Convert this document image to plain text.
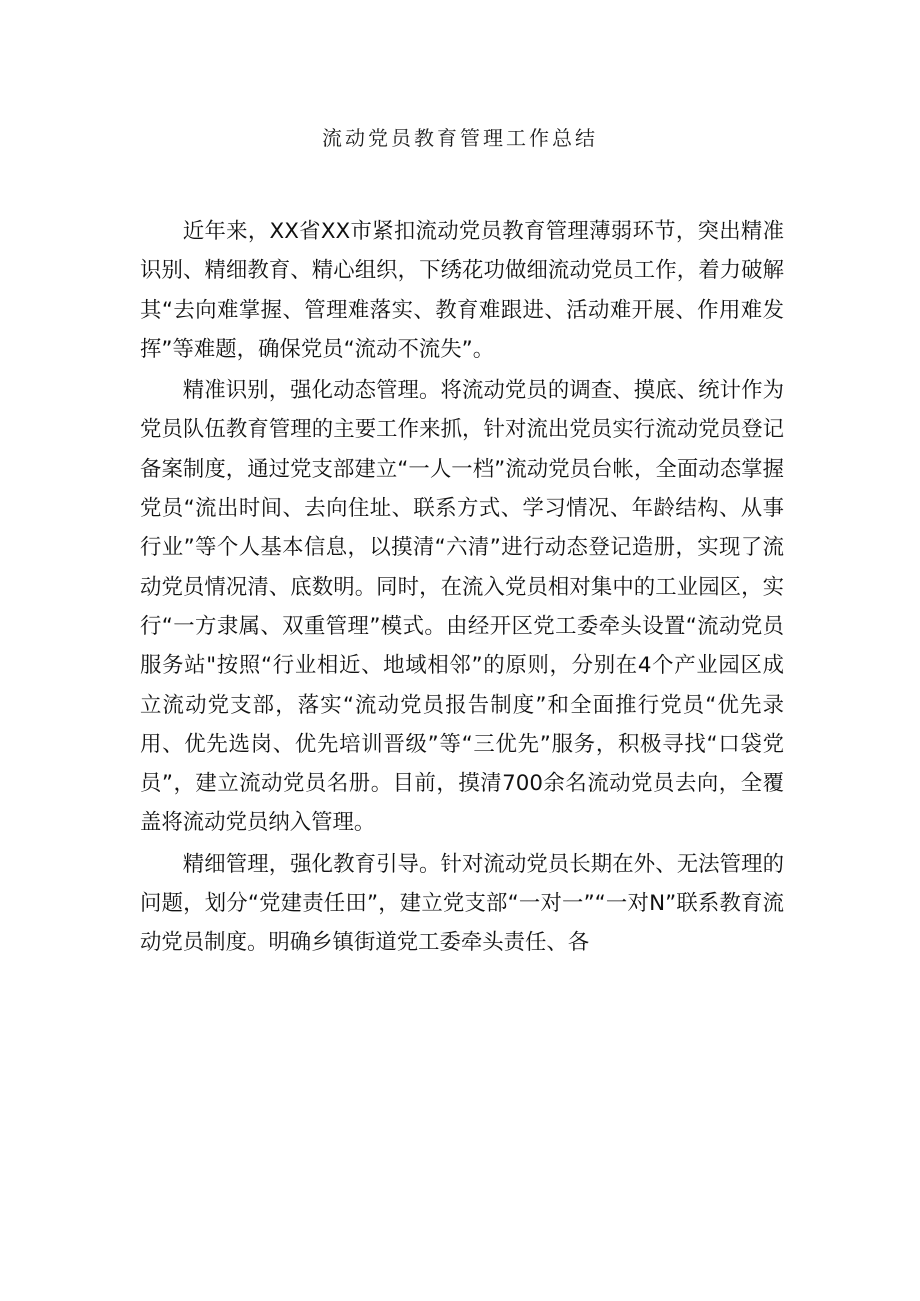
流动党员教育管理工作总结

近年来，XX省XX市紧扣流动党员教育管理薄弱环节，突出精准识别、精细教育、精心组织，下绣花功做细流动党员工作，着力破解其“去向难掌握、管理难落实、教育难跟进、活动难开展、作用难发挥”等难题，确保党员“流动不流失”。

精准识别，强化动态管理。将流动党员的调查、摸底、统计作为党员队伍教育管理的主要工作来抓，针对流出党员实行流动党员登记备案制度，通过党支部建立“一人一档”流动党员台帐，全面动态掌握党员“流出时间、去向住址、联系方式、学习情况、年龄结构、从事行业”等个人基本信息，以摸清“六清”进行动态登记造册，实现了流动党员情况清、底数明。同时，在流入党员相对集中的工业园区，实行“一方隶属、双重管理”模式。由经开区党工委牵头设置“流动党员服务站"按照“行业相近、地域相邻”的原则，分别在4个产业园区成立流动党支部，落实“流动党员报告制度”和全面推行党员“优先录用、优先选岗、优先培训晋级”等“三优先”服务，积极寻找“口袋党员”，建立流动党员名册。目前，摸清700余名流动党员去向，全覆盖将流动党员纳入管理。

精细管理，强化教育引导。针对流动党员长期在外、无法管理的问题，划分“党建责任田”，建立党支部“一对一”“一对N”联系教育流动党员制度。明确乡镇街道党工委牵头责任、各
